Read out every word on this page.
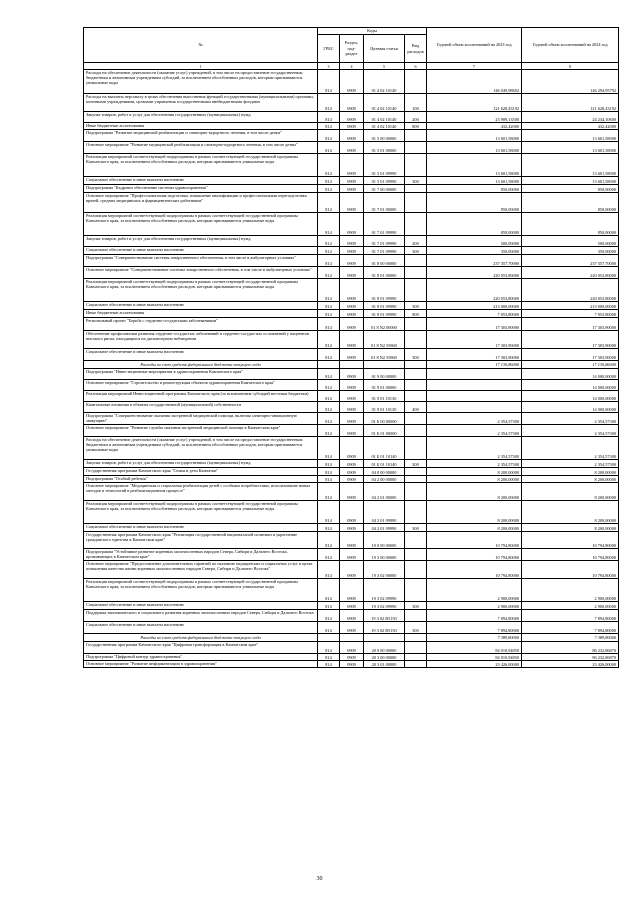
№	Коды				Годовой объем ассигнований на 2023 год	Годовой объем ассигнований на 2024 год
	ГРБС	Раздел, под-раздел	Целевая статья	Вид расходов		
1	3	4	5	6	7	8
Расходы на обеспечение деятельности (оказание услуг) учреждений, в том числе на предоставление государственным бюджетным и автономным учреждениям субсидий, за исключением обособленных расходов, которым присваиваются уникальные коды	814	0909	01 4 02 10140		146 049,98692	146 294,95792
Расходы на выплаты персоналу в целях обеспечения выполнения функций государственными (муниципальными) органами, казенными учреждениями, органами управления государственными внебюджетными фондами	814	0909	01 4 02 10140	100	121 628,43192	121 628,43192
Закупка товаров, работ и услуг для обеспечения государственных (муниципальных) нужд	814	0909	01 4 02 10140	200	23 989,13500	24 234,10600
Иные бюджетные ассигнования	814	0909	01 4 02 10140	800	432,42000	432,42000
Подпрограмма "Развитие медицинской реабилитации и санаторно-курортного лечения, в том числе детям"	814	0909	01 5 00 00000		13 601,58000	13 601,58000
Основное мероприятие "Развитие медицинской реабилитации и санаторно-курортного лечения, в том числе детям"	814	0909	01 5 01 00000		13 601,58000	13 601,58000
Реализация мероприятий соответствующей подпрограммы в рамках соответствующей государственной программы Камчатского края, за исключением обособленных расходов, которым присваиваются уникальные коды	814	0909	01 5 01 09990		13 601,58000	13 601,58000
Социальное обеспечение и иные выплаты населению	814	0909	01 5 01 09990	300	13 601,58000	13 601,58000
Подпрограмма "Кадровое обеспечение системы здравоохранения"	814	0909	01 7 00 00000		850,00000	850,00000
Основное мероприятие "Профессиональная подготовка, повышение квалификации и профессиональная переподготовка врачей, средних медицинских и фармацевтических работников"	814	0909	01 7 01 00000		850,00000	850,00000
Реализация мероприятий соответствующей подпрограммы в рамках соответствующей государственной программы Камчатского края, за исключением обособленных расходов, которым присваиваются уникальные коды	814	0909	01 7 01 09990		850,00000	850,00000
Закупка товаров, работ и услуг для обеспечения государственных (муниципальных) нужд	814	0909	01 7 01 09990	200	500,00000	500,00000
Социальное обеспечение и иные выплаты населению	814	0909	01 7 01 09990	300	350,00000	350,00000
Подпрограмма "Совершенствование системы лекарственного обеспечения, в том числе в амбулаторных условиях"	814	0909	01 8 00 00000		237 357,70000	237 357,70000
Основное мероприятие "Совершенствование системы лекарственного обеспечения, в том числе в амбулаторных условиях"	814	0909	01 8 01 00000		220 053,80000	220 053,80000
Реализация мероприятий соответствующей подпрограммы в рамках соответствующей государственной программы Камчатского края, за исключением обособленных расходов, которым присваиваются уникальные коды	814	0909	01 8 01 09990		220 053,80000	220 053,80000
Социальное обеспечение и иные выплаты населению	814	0909	01 8 01 09990	300	213 000,00000	213 000,00000
Иные бюджетные ассигнования	814	0909	01 8 01 09990	800	7 053,80000	7 053,80000
Региональный проект "Борьба с сердечно-сосудистыми заболеваниями"	814	0909	01 8 N2 00000		17 303,90000	17 303,90000
Обеспечение профилактики развития сердечно-сосудистых заболеваний и сердечно-сосудистых осложнений у пациентов высокого риска, находящихся на диспансерном наблюдении	814	0909	01 8 N2 55860		17 303,90000	17 303,90000
Социальное обеспечение и иные выплаты населению	814	0909	01 8 N2 55860	300	17 303,90000	17 303,90000
Расходы за счет средств федерального бюджета текущего года					17 130,86000	17 130,86000
Подпрограмма "Инвестиционные мероприятия в здравоохранении Камчатского края"	814	0909	01 9 00 00000			14 000,00000
Основное мероприятие "Строительство и реконструкция объектов здравоохранения Камчатского края"	814	0909	01 9 01 00000			14 000,00000
Реализация мероприятий Инвестиционной программы Камчатского края (за исключением субсидий местным бюджетам)	814	0909	01 9 01 10130			14 000,00000
Капитальные вложения в объекты государственной (муниципальной) собственности	814	0909	01 9 01 10130	400		14 000,00000
Подпрограмма "Совершенствование оказания экстренной медицинской помощи, включая санитарно-авиационную эвакуацию"	814	0909	01 Б 00 00000		2 354,57300	2 354,57300
Основное мероприятие "Развитие службы оказания экстренной медицинской помощи в Камчатском крае"	814	0909	01 Б 01 00000		2 354,57300	2 354,57300
Расходы на обеспечение деятельности (оказание услуг) учреждений, в том числе на предоставление государственным бюджетным и автономным учреждениям субсидий, за исключением обособленных расходов, которым присваиваются уникальные коды	814	0909	01 Б 01 10140		2 354,57300	2 354,57300
Закупка товаров, работ и услуг для обеспечения государственных (муниципальных) нужд	814	0909	01 Б 01 10140	200	2 354,57300	2 354,57300
Государственная программа Камчатского края "Семья и дети Камчатки"	814	0909	04 0 00 00000		8 200,00000	8 200,00000
Подпрограмма "Особый ребенок"	814	0909	04 2 00 00000		8 200,00000	8 200,00000
Основное мероприятие "Медицинская и социальная реабилитация детей с особыми потребностями, использование новых методов и технологий в реабилитационном процессе"	814	0909	04 2 01 00000		8 200,00000	8 200,00000
Реализация мероприятий соответствующей подпрограммы в рамках соответствующей государственной программы Камчатского края, за исключением обособленных расходов, которым присваиваются уникальные коды	814	0909	04 2 01 09990		8 200,00000	8 200,00000
Социальное обеспечение и иные выплаты населению	814	0909	04 2 01 09990	300	8 200,00000	8 200,00000
Государственная программа Камчатского края "Реализация государственной национальной политики и укрепление гражданского единства в Камчатском крае"	814	0909	19 0 00 00000		10 794,80000	10 794,80000
Подпрограмма "Устойчивое развитие коренных малочисленных народов Севера, Сибири и Дальнего Востока, проживающих в Камчатском крае"	814	0909	19 3 00 00000		10 794,80000	10 794,80000
Основное мероприятие "Предоставление дополнительных гарантий по оказанию медицинских и социальных услуг в целях повышения качества жизни коренных малочисленных народов Севера, Сибири и Дальнего Востока"	814	0909	19 3 02 00000		10 794,80000	10 794,80000
Реализация мероприятий соответствующей подпрограммы в рамках соответствующей государственной программы Камчатского края, за исключением обособленных расходов, которым присваиваются уникальные коды	814	0909	19 3 02 09990		2 900,00000	2 900,00000
Социальное обеспечение и иные выплаты населению	814	0909	19 3 02 09990	300	2 900,00000	2 900,00000
Поддержка экономического и социального развития коренных малочисленных народов Севера, Сибири и Дальнего Востока	814	0909	19 3 02 R5150		7 894,80000	7 894,80000
Социальное обеспечение и иные выплаты населению	814	0909	19 3 02 R5150	300	7 894,80000	7 894,80000
Расходы за счет средств федерального бюджета текущего года					7 389,80000	7 389,80000
Государственная программа Камчатского края "Цифровая трансформация в Камчатском крае"	814	0909	20 0 00 00000		84 010,94850	86 232,86870
Подпрограмма "Цифровой контур здравоохранения"	814	0909	20 3 00 00000		84 010,94850	86 232,86870
Основное мероприятие "Развитие информатизации в здравоохранении"	814	0909	20 3 01 00000		23 426,00000	23 426,00000
30
